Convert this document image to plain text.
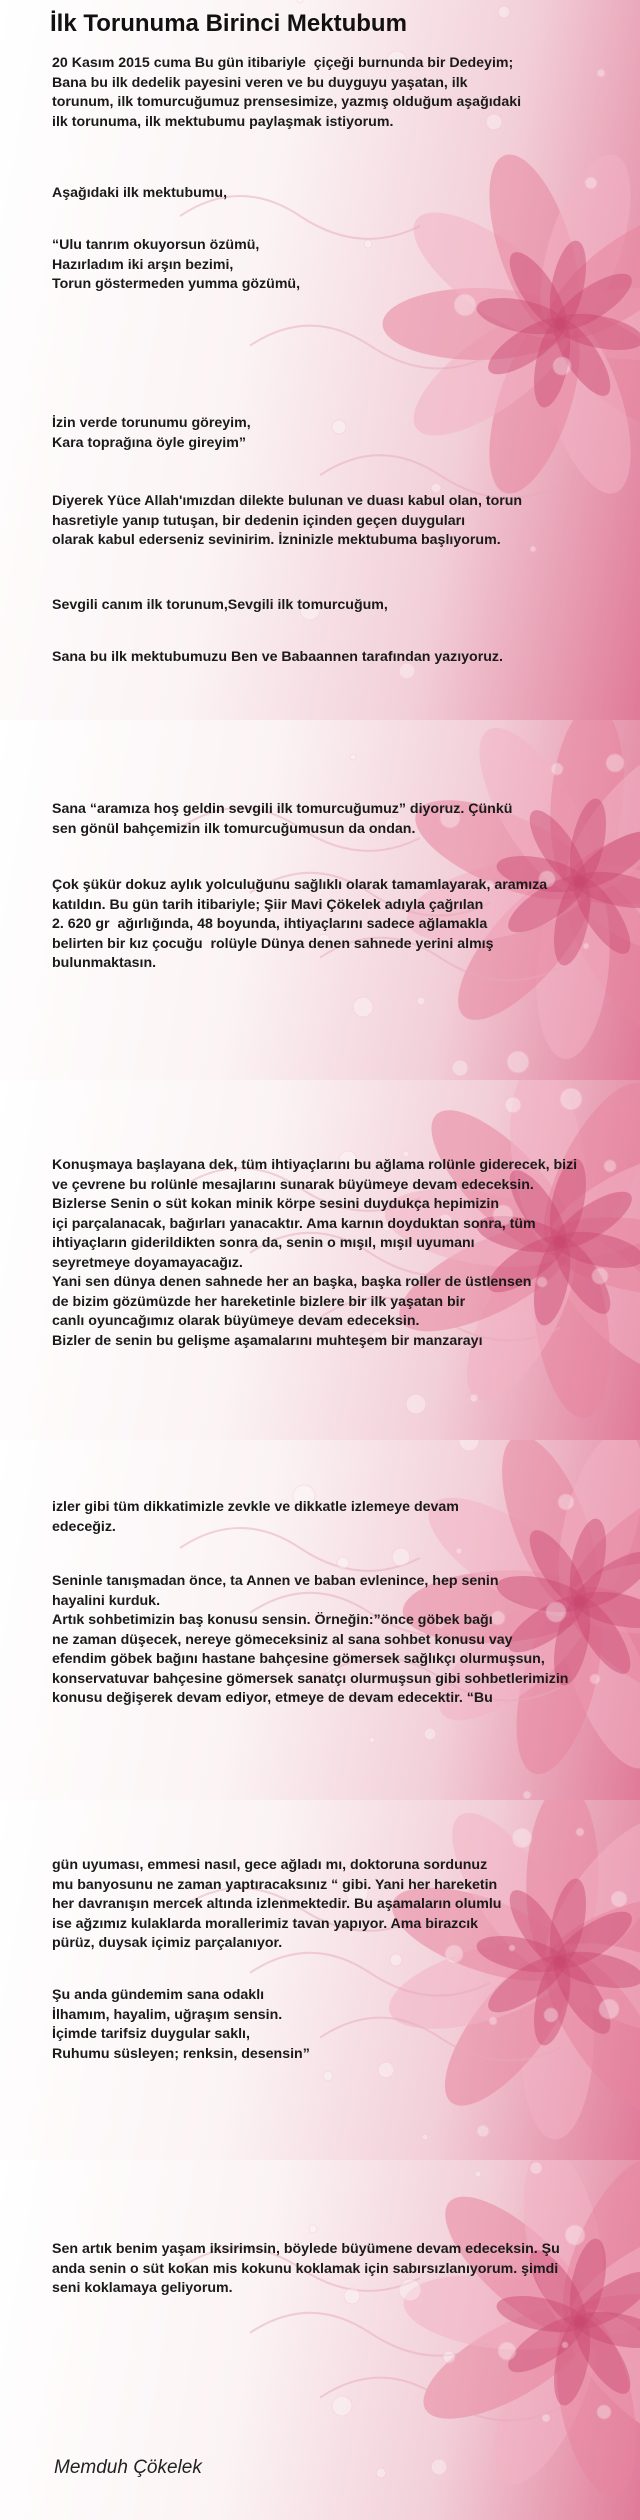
İlk Torunuma Birinci Mektubum
20 Kasım 2015 cuma Bu gün itibariyle  çiçeği burnunda bir Dedeyim;
Bana bu ilk dedelik payesini veren ve bu duyguyu yaşatan, ilk
torunum, ilk tomurcuğumuz prensesimize, yazmış olduğum aşağıdaki
ilk torunuma, ilk mektubumu paylaşmak istiyorum.
Aşağıdaki ilk mektubumu,
“Ulu tanrım okuyorsun özümü,
Hazırladım iki arşın bezimi,
Torun göstermeden yumma gözümü,
İzin verde torunumu göreyim,
Kara toprağına öyle gireyim”
Diyerek Yüce Allah'ımızdan dilekte bulunan ve duası kabul olan, torun
hasretiyle yanıp tutuşan, bir dedenin içinden geçen duyguları
olarak kabul ederseniz sevinirim. İzninizle mektubuma başlıyorum.
Sevgili canım ilk torunum,Sevgili ilk tomurcuğum,
Sana bu ilk mektubumuzu Ben ve Babaannen tarafından yazıyoruz.
Sana “aramıza hoş geldin sevgili ilk tomurcuğumuz” diyoruz. Çünkü
sen gönül bahçemizin ilk tomurcuğumusun da ondan.
Çok şükür dokuz aylık yolculuğunu sağlıklı olarak tamamlayarak, aramıza
katıldın. Bu gün tarih itibariyle; Şiir Mavi Çökelek adıyla çağrılan
2. 620 gr  ağırlığında, 48 boyunda, ihtiyaçlarını sadece ağlamakla
belirten bir kız çocuğu  rolüyle Dünya denen sahnede yerini almış
bulunmaktasın.
Konuşmaya başlayana dek, tüm ihtiyaçlarını bu ağlama rolünle giderecek, bizi
ve çevrene bu rolünle mesajlarını sunarak büyümeye devam edeceksin.
Bizlerse Senin o süt kokan minik körpe sesini duydukça hepimizin
içi parçalanacak, bağırları yanacaktır. Ama karnın doyduktan sonra, tüm
ihtiyaçların giderildikten sonra da, senin o mışıl, mışıl uyumanı
seyretmeye doyamayacağız.
Yani sen dünya denen sahnede her an başka, başka roller de üstlensen
de bizim gözümüzde her hareketinle bizlere bir ilk yaşatan bir
canlı oyuncağımız olarak büyümeye devam edeceksin.
Bizler de senin bu gelişme aşamalarını muhteşem bir manzarayı
izler gibi tüm dikkatimizle zevkle ve dikkatle izlemeye devam
edeceğiz.
Seninle tanışmadan önce, ta Annen ve baban evlenince, hep senin
hayalini kurduk.
Artık sohbetimizin baş konusu sensin. Örneğin:”önce göbek bağı
ne zaman düşecek, nereye gömeceksiniz al sana sohbet konusu vay
efendim göbek bağını hastane bahçesine gömersek sağlıkçı olurmuşsun,
konservatuvar bahçesine gömersek sanatçı olurmuşsun gibi sohbetlerimizin
konusu değişerek devam ediyor, etmeye de devam edecektir. “Bu
gün uyuması, emmesi nasıl, gece ağladı mı, doktoruna sordunuz
mu banyosunu ne zaman yaptıracaksınız “ gibi. Yani her hareketin
her davranışın mercek altında izlenmektedir. Bu aşamaların olumlu
ise ağzımız kulaklarda morallerimiz tavan yapıyor. Ama birazcık
pürüz, duysak içimiz parçalanıyor.
Şu anda gündemim sana odaklı
İlhamım, hayalim, uğraşım sensin.
İçimde tarifsiz duygular saklı,
Ruhumu süsleyen; renksin, desensin”
Sen artık benim yaşam iksirimsin, böylede büyümene devam edeceksin. Şu
anda senin o süt kokan mis kokunu koklamak için sabırsızlanıyorum. şimdi
seni koklamaya geliyorum.
Memduh Çökelek
